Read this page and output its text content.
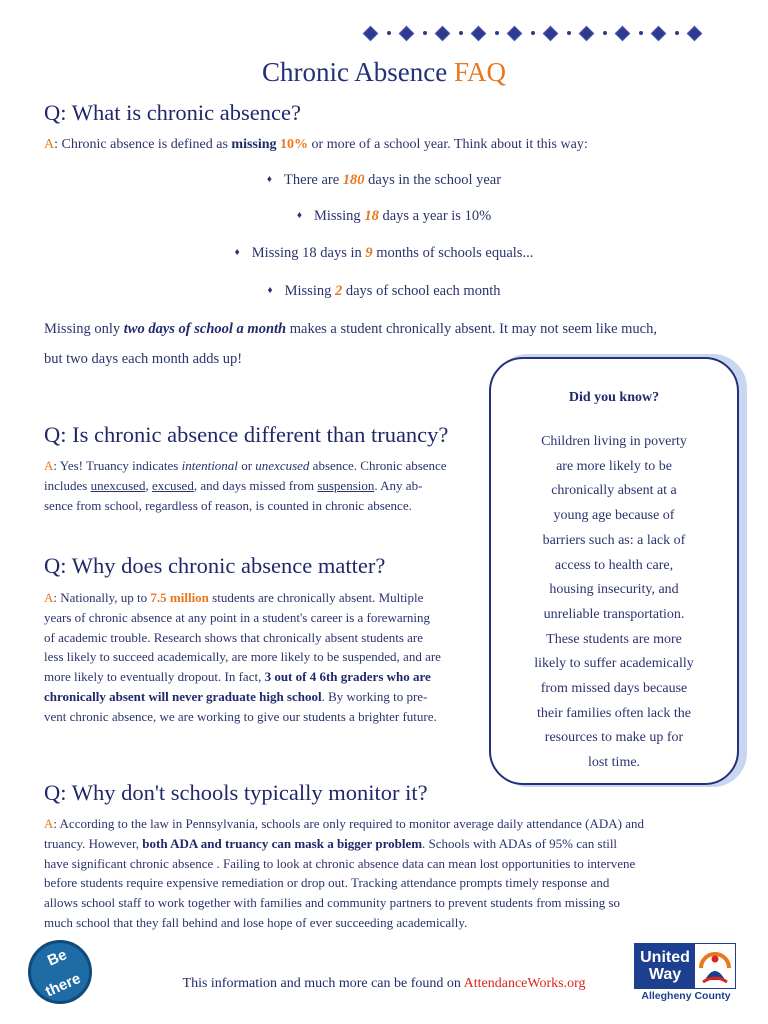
Chronic Absence FAQ
Q: What is chronic absence?

A: Chronic absence is defined as missing 10% or more of a school year. Think about it this way:

♦ There are 180 days in the school year
♦ Missing 18 days a year is 10%
♦ Missing 18 days in 9 months of schools equals...
♦ Missing 2 days of school each month

Missing only two days of school a month makes a student chronically absent. It may not seem like much,
but two days each month adds up!

Did you know?
Children living in poverty
are more likely to be
chronically absent at a
young age because of
barriers such as: a lack of
access to health care,
housing insecurity, and
unreliable transportation.
These students are more
likely to suffer academically
from missed days because
their families often lack the
resources to make up for
lost time.
Q: Is chronic absence different than truancy?
A: Yes! Truancy indicates intentional or unexcused absence. Chronic absence
includes unexcused, excused, and days missed from suspension. Any ab-
sence from school, regardless of reason, is counted in chronic absence.
Q: Why does chronic absence matter?
A: Nationally, up to 7.5 million students are chronically absent. Multiple
years of chronic absence at any point in a student's career is a forewarning
of academic trouble. Research shows that chronically absent students are
less likely to succeed academically, are more likely to be suspended, and are
more likely to eventually dropout. In fact, 3 out of 4 6th graders who are
chronically absent will never graduate high school. By working to pre-
vent chronic absence, we are working to give our students a brighter future.
Q: Why don't schools typically monitor it?
A: According to the law in Pennsylvania, schools are only required to monitor average daily attendance (ADA) and
truancy. However, both ADA and truancy can mask a bigger problem. Schools with ADAs of 95% can still
have significant chronic absence . Failing to look at chronic absence data can mean lost opportunities to intervene
before students require expensive remediation or drop out. Tracking attendance prompts timely response and
allows school staff to work together with families and community partners to prevent students from missing so
much school that they fall behind and lose hope of ever succeeding academically.
Be

there	This information and much more can be found on AttendanceWorks.org
United
Way
Allegheny County
